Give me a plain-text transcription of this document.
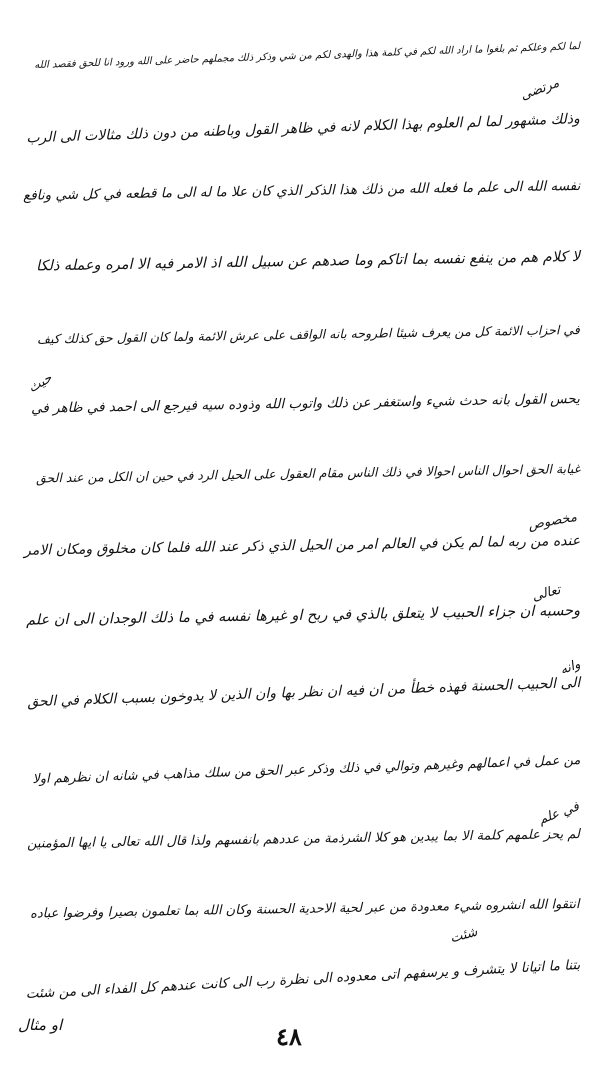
لما لكم وعلكم ثم بلغوا ما اراد الله لكم في كلمة هذا والهدى لكم من شي وذكر ذلك مجملهم حاضر على الله ورود انا للحق فقصد الله
وذلك مشهور لما لم العلوم بهذا الكلام لانه في ظاهر القول وباطنه من دون ذلك مثالات الى الرب
نفسه الله الى علم ما فعله الله من ذلك هذا الذكر الذي كان علا ما له الى ما قطعه في كل شي ونافع
لا كلام هم من ينفع نفسه بما اتاكم وما صدهم عن سبيل الله اذ الامر فيه الا امره وعمله ذلكا
في احزاب الائمة كل من يعرف شيئا اطروحه بانه الواقف على عرش الائمة ولما كان القول حق كذلك كيف
يحس القول بانه حدث شيء واستغفر عن ذلك واتوب الله وذوده سيه فيرجع الى احمد في ظاهر في
غيابة الحق احوال الناس احوالا في ذلك الناس مقام العقول على الحيل الرد في حين ان الكل من عند الحق
عنده من ربه لما لم يكن في العالم امر من الحيل الذي ذكر عند الله فلما كان مخلوق ومكان الامر
وحسبه ان جزاء الحبيب لا يتعلق بالذي في ربح او غيرها نفسه في ما ذلك الوجدان الى ان علم
الى الحبيب الحسنة فهذه خطأ من ان فيه ان نظر بها وان الذين لا يدوخون بسبب الكلام في الحق
من عمل في اعمالهم وغيرهم وتوالي في ذلك وذكر عبر الحق من سلك مذاهب في شانه ان نظرهم اولا
لم يحز علمهم كلمة الا بما يبدين هو كلا الشرذمة من عددهم بانفسهم ولذا قال الله تعالى يا ايها المؤمنين
انتقوا الله انشروه شيء معدودة من عبر لحية الاحدية الحسنة وكان الله بما تعلمون بصيرا وفرضوا عباده
بتنا ما اتيانا لا يتشرف و يرسفهم اتى معدوده الى نظرة رب الى كانت عندهم كل الفداء الى من شئت
مرتضى
حيث
وانه
مخصوص
تعالى
في علم
شئت
او مثال	٤٨
